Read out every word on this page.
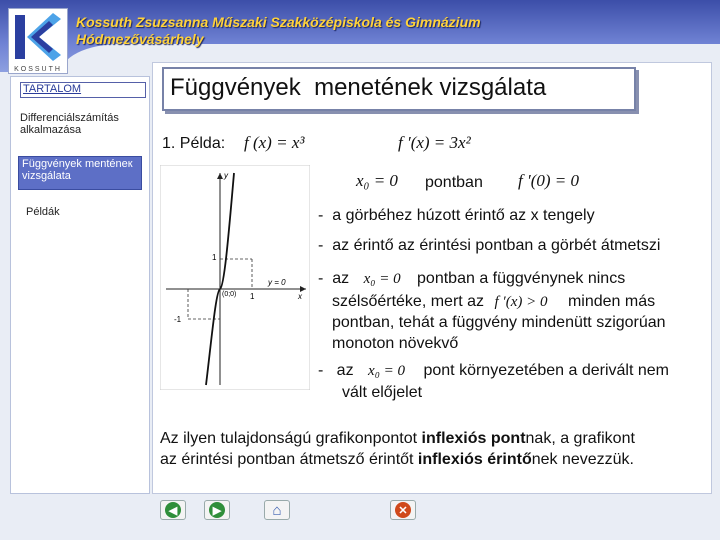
Kossuth Zsuzsanna Műszaki Szakközépiskola és Gimnázium
Hódmezővásárhely
KOSSUTH
TARTALOM
Differenciálszámítás alkalmazása
Függvények menténeк vizsgálata
Példák
Függvények  menetének vizsgálata
1. Példa: f (x) = x³	f ′(x) = 3x²
x₀ = 0 pontban f ′(0) = 0
y
x
1
1
-1
(0;0)
y = 0
- a görbéhez húzott érintő az x tengely
- az érintő az érintési pontban a görbét átmetszi
- az x₀ = 0 pontban a függvénynek nincs
szélsőértéke, mert az f ′(x) > 0 minden más
pontban, tehát a függvény mindenütt szigorúan
monoton növekvő
- az x₀ = 0 pont környezetében a derivált nem
vált előjelet
Az ilyen tulajdonságú grafikonpontot inflexiós pontnak, a grafikont
az érintési pontban átmetsző érintőt inflexiós érintőnek nevezzük.
◀	▶	⌂	✕
